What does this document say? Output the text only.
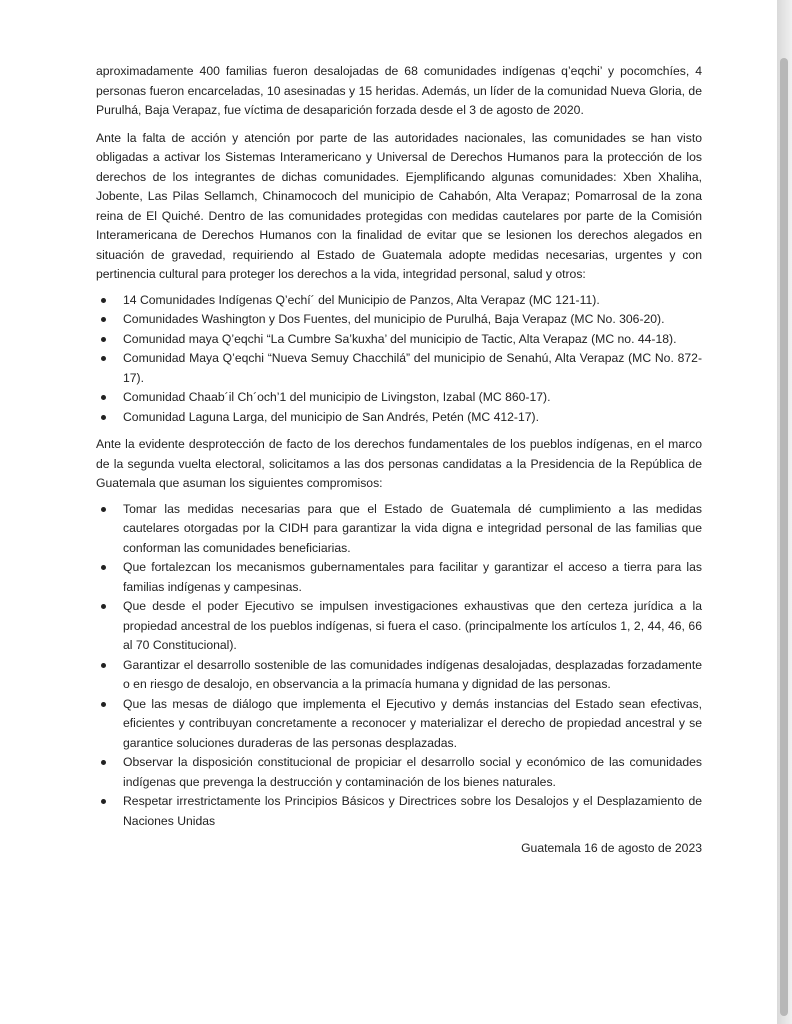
aproximadamente 400 familias fueron desalojadas de 68 comunidades indígenas q’eqchi’ y pocomchíes, 4 personas fueron encarceladas, 10 asesinadas y 15 heridas. Además, un líder de la comunidad Nueva Gloria, de Purulhá, Baja Verapaz, fue víctima de desaparición forzada desde el 3 de agosto de 2020.

Ante la falta de acción y atención por parte de las autoridades nacionales, las comunidades se han visto obligadas a activar los Sistemas Interamericano y Universal de Derechos Humanos para la protección de los derechos de los integrantes de dichas comunidades. Ejemplificando algunas comunidades: Xben Xhaliha, Jobente, Las Pilas Sellamch, Chinamococh del municipio de Cahabón, Alta Verapaz; Pomarrosal de la zona reina de El Quiché. Dentro de las comunidades protegidas con medidas cautelares por parte de la Comisión Interamericana de Derechos Humanos con la finalidad de evitar que se lesionen los derechos alegados en situación de gravedad, requiriendo al Estado de Guatemala adopte medidas necesarias, urgentes y con pertinencia cultural para proteger los derechos a la vida, integridad personal, salud y otros:

14 Comunidades Indígenas Q’echí´ del Municipio de Panzos, Alta Verapaz (MC 121-11).
Comunidades Washington y Dos Fuentes, del municipio de Purulhá, Baja Verapaz (MC No. 306-20).
Comunidad maya Q’eqchi “La Cumbre Sa’kuxha’ del municipio de Tactic, Alta Verapaz (MC no. 44-18).
Comunidad Maya Q’eqchi “Nueva Semuy Chacchilá” del municipio de Senahú, Alta Verapaz (MC No. 872-17).
Comunidad Chaab´il Ch´och’1 del municipio de Livingston, Izabal (MC 860-17).
Comunidad Laguna Larga, del municipio de San Andrés, Petén (MC 412-17).

Ante la evidente desprotección de facto de los derechos fundamentales de los pueblos indígenas, en el marco de la segunda vuelta electoral, solicitamos a las dos personas candidatas a la Presidencia de la República de Guatemala que asuman los siguientes compromisos:

Tomar las medidas necesarias para que el Estado de Guatemala dé cumplimiento a las medidas cautelares otorgadas por la CIDH para garantizar la vida digna e integridad personal de las familias que conforman las comunidades beneficiarias.
Que fortalezcan los mecanismos gubernamentales para facilitar y garantizar el acceso a tierra para las familias indígenas y campesinas.
Que desde el poder Ejecutivo se impulsen investigaciones exhaustivas que den certeza jurídica a la propiedad ancestral de los pueblos indígenas, si fuera el caso. (principalmente los artículos 1, 2, 44, 46, 66 al 70 Constitucional).
Garantizar el desarrollo sostenible de las comunidades indígenas desalojadas, desplazadas forzadamente o en riesgo de desalojo, en observancia a la primacía humana y dignidad de las personas.
Que las mesas de diálogo que implementa el Ejecutivo y demás instancias del Estado sean efectivas, eficientes y contribuyan concretamente a reconocer y materializar el derecho de propiedad ancestral y se garantice soluciones duraderas de las personas desplazadas.
Observar la disposición constitucional de propiciar el desarrollo social y económico de las comunidades indígenas que prevenga la destrucción y contaminación de los bienes naturales.
Respetar irrestrictamente los Principios Básicos y Directrices sobre los Desalojos y el Desplazamiento de Naciones Unidas

Guatemala 16 de agosto de 2023
